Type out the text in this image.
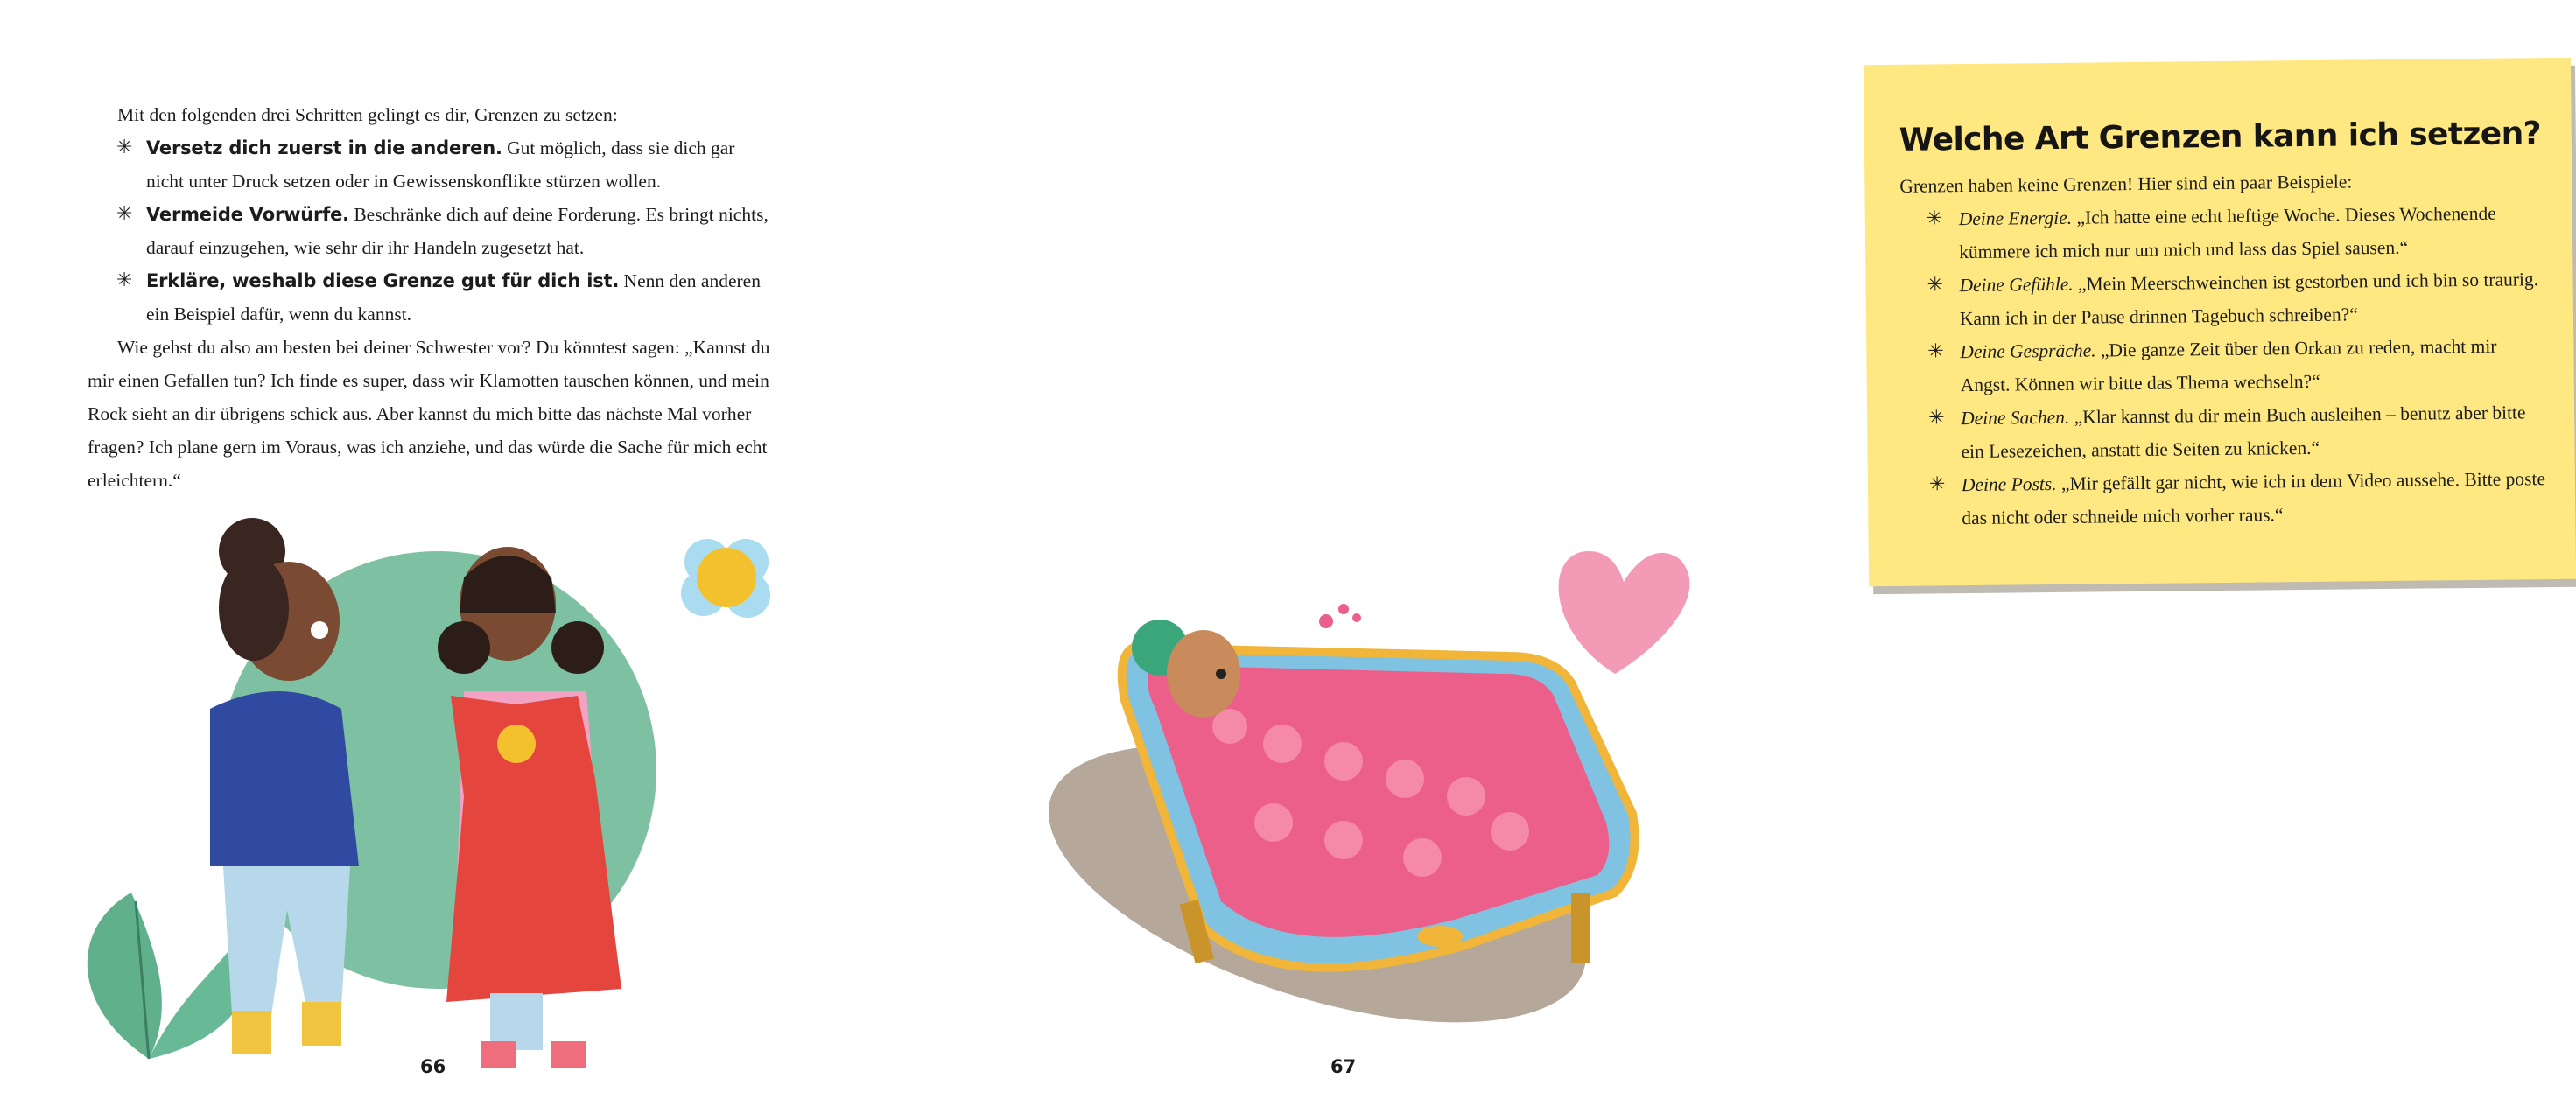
Mit den folgenden drei Schritten gelingt es dir, Grenzen zu setzen:

✳ Versetz dich zuerst in die anderen. Gut möglich, dass sie dich gar nicht unter Druck setzen oder in Gewissenskonflikte stürzen wollen.
✳ Vermeide Vorwürfe. Beschränke dich auf deine Forderung. Es bringt nichts, darauf einzugehen, wie sehr dir ihr Handeln zugesetzt hat.
✳ Erkläre, weshalb diese Grenze gut für dich ist. Nenn den anderen ein Beispiel dafür, wenn du kannst.

Wie gehst du also am besten bei deiner Schwester vor? Du könntest sagen: „Kannst du mir einen Gefallen tun? Ich finde es super, dass wir Klamotten tauschen können, und mein Rock sieht an dir übrigens schick aus. Aber kannst du mich bitte das nächste Mal vorher fragen? Ich plane gern im Voraus, was ich anziehe, und das würde die Sache für mich echt erleichtern.“

66
Welche Art Grenzen kann ich setzen?

Grenzen haben keine Grenzen! Hier sind ein paar Beispiele:

✳ Deine Energie. „Ich hatte eine echt heftige Woche. Dieses Wochenende kümmere ich mich nur um mich und lass das Spiel sausen.“
✳ Deine Gefühle. „Mein Meerschweinchen ist gestorben und ich bin so traurig. Kann ich in der Pause drinnen Tagebuch schreiben?“
✳ Deine Gespräche. „Die ganze Zeit über den Orkan zu reden, macht mir Angst. Können wir bitte das Thema wechseln?“
✳ Deine Sachen. „Klar kannst du dir mein Buch ausleihen – benutz aber bitte ein Lesezeichen, anstatt die Seiten zu knicken.“
✳ Deine Posts. „Mir gefällt gar nicht, wie ich in dem Video aussehe. Bitte poste das nicht oder schneide mich vorher raus.“
67
